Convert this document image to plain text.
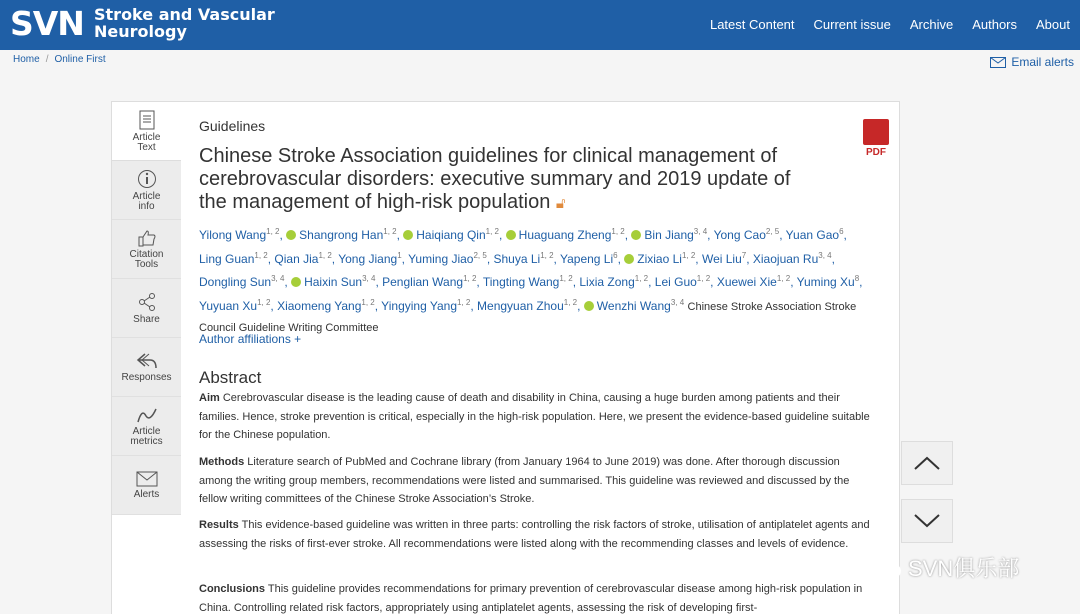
SVN Stroke and Vascular
Neurology	Latest Content Current issue Archive Authors About
Home / Online First	Email alerts
Article
Text
Article
info
Citation
Tools
Share
Responses
Article
metrics
Alerts
Guidelines
PDF
Chinese Stroke Association guidelines for clinical management of cerebrovascular disorders: executive summary and 2019 update of the management of high-risk population 🔓︎
Yilong Wang$^{1, 2}$, Shangrong Han$^{1, 2}$, Haiqiang Qin$^{1, 2}$, Huaguang Zheng$^{1, 2}$, Bin Jiang$^{3, 4}$, Yong Cao$^{2, 5}$, Yuan Gao$^6$, Ling Guan$^{1, 2}$, Qian Jia$^{1, 2}$, Yong Jiang$^1$, Yuming Jiao$^{2, 5}$, Shuya Li$^{1, 2}$, Yapeng Li$^6$, Zixiao Li$^{1, 2}$, Wei Liu$^7$, Xiaojuan Ru$^{3, 4}$, Dongling Sun$^{3, 4}$, Haixin Sun$^{3, 4}$, Penglian Wang$^{1, 2}$, Tingting Wang$^{1, 2}$, Lixia Zong$^{1, 2}$, Lei Guo$^{1, 2}$, Xuewei Xie$^{1, 2}$, Yuming Xu$^8$, Yuyuan Xu$^{1, 2}$, Xiaomeng Yang$^{1, 2}$, Yingying Yang$^{1, 2}$, Mengyuan Zhou$^{1, 2}$, Wenzhi Wang$^{3, 4}$ Chinese Stroke Association Stroke Council Guideline Writing Committee
Author affiliations +
Abstract

Aim Cerebrovascular disease is the leading cause of death and disability in China, causing a huge burden among patients and their families. Hence, stroke prevention is critical, especially in the high-risk population. Here, we present the evidence-based guideline suitable for the Chinese population.

Methods Literature search of PubMed and Cochrane library (from January 1964 to June 2019) was done. After thorough discussion among the writing group members, recommendations were listed and summarised. This guideline was reviewed and discussed by the fellow writing committees of the Chinese Stroke Association’s Stroke.

Results This evidence-based guideline was written in three parts: controlling the risk factors of stroke, utilisation of antiplatelet agents and assessing the risks of first-ever stroke. All recommendations were listed along with the recommending classes and levels of evidence.

Conclusions This guideline provides recommendations for primary prevention of cerebrovascular disease among high-risk population in China. Controlling related risk factors, appropriately using antiplatelet agents, assessing the risk of developing first-

SVN俱乐部
